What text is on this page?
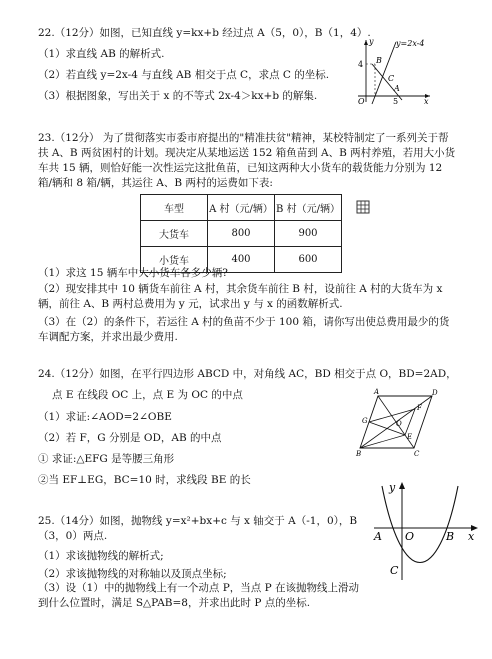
22.（12分）如图，已知直线 y=kx+b 经过点 A（5，0），B（1，4）.
（1）求直线 AB 的解析式.
（2）若直线 y=2x-4 与直线 AB 相交于点 C，求点 C 的坐标.
（3）根据图象，写出关于 x 的不等式 2x-4＞kx+b 的解集.
y	y=2x-4
4 B
C
O
A
5	x
23.（12分） 为了贯彻落实市委市府提出的"精准扶贫"精神，某校特制定了一系列关于帮扶 A、B 两贫困村的计划。现决定从某地运送 152 箱鱼苗到 A、B 两村养殖，若用大小货车共 15 辆，则恰好能一次性运完这批鱼苗，已知这两种大小货车的载货能力分别为 12 箱/辆和 8 箱/辆，其运往 A、B 两村的运费如下表:
车型	A 村（元/辆）	B 村（元/辆）
大货车	800	900
小货车	400	600
（1）求这 15 辆车中大小货车各多少辆?
（2）现安排其中 10 辆货车前往 A 村，其余货车前往 B 村，设前往 A 村的大货车为 x 辆，前往 A、B 两村总费用为 y 元，试求出 y 与 x 的函数解析式.
（3）在（2）的条件下，若运往 A 村的鱼苗不少于 100 箱，请你写出使总费用最少的货车调配方案，并求出最少费用.
24.（12分）如图，在平行四边形 ABCD 中，对角线 AC，BD 相交于点 O，BD=2AD，
点 E 在线段 OC 上，点 E 为 OC 的中点
（1）求证:∠AOD=2∠OBE
（2）若 F，G 分别是 OD，AB 的中点
① 求证:△EFG 是等腰三角形
②当 EF⊥EG，BC=10 时，求线段 BE 的长
A	D
G	O
F
E
B	C
25.（14分）如图，抛物线 y=x²+bx+c 与 x 轴交于 A（-1，0），B（3，0）两点.
（1）求该抛物线的解析式;
（2）求该抛物线的对称轴以及顶点坐标;
（3）设（1）中的抛物线上有一个动点 P，当点 P 在该抛物线上滑动到什么位置时，满足 S△PAB=8，并求出此时 P 点的坐标.
y
A O	B x
C
